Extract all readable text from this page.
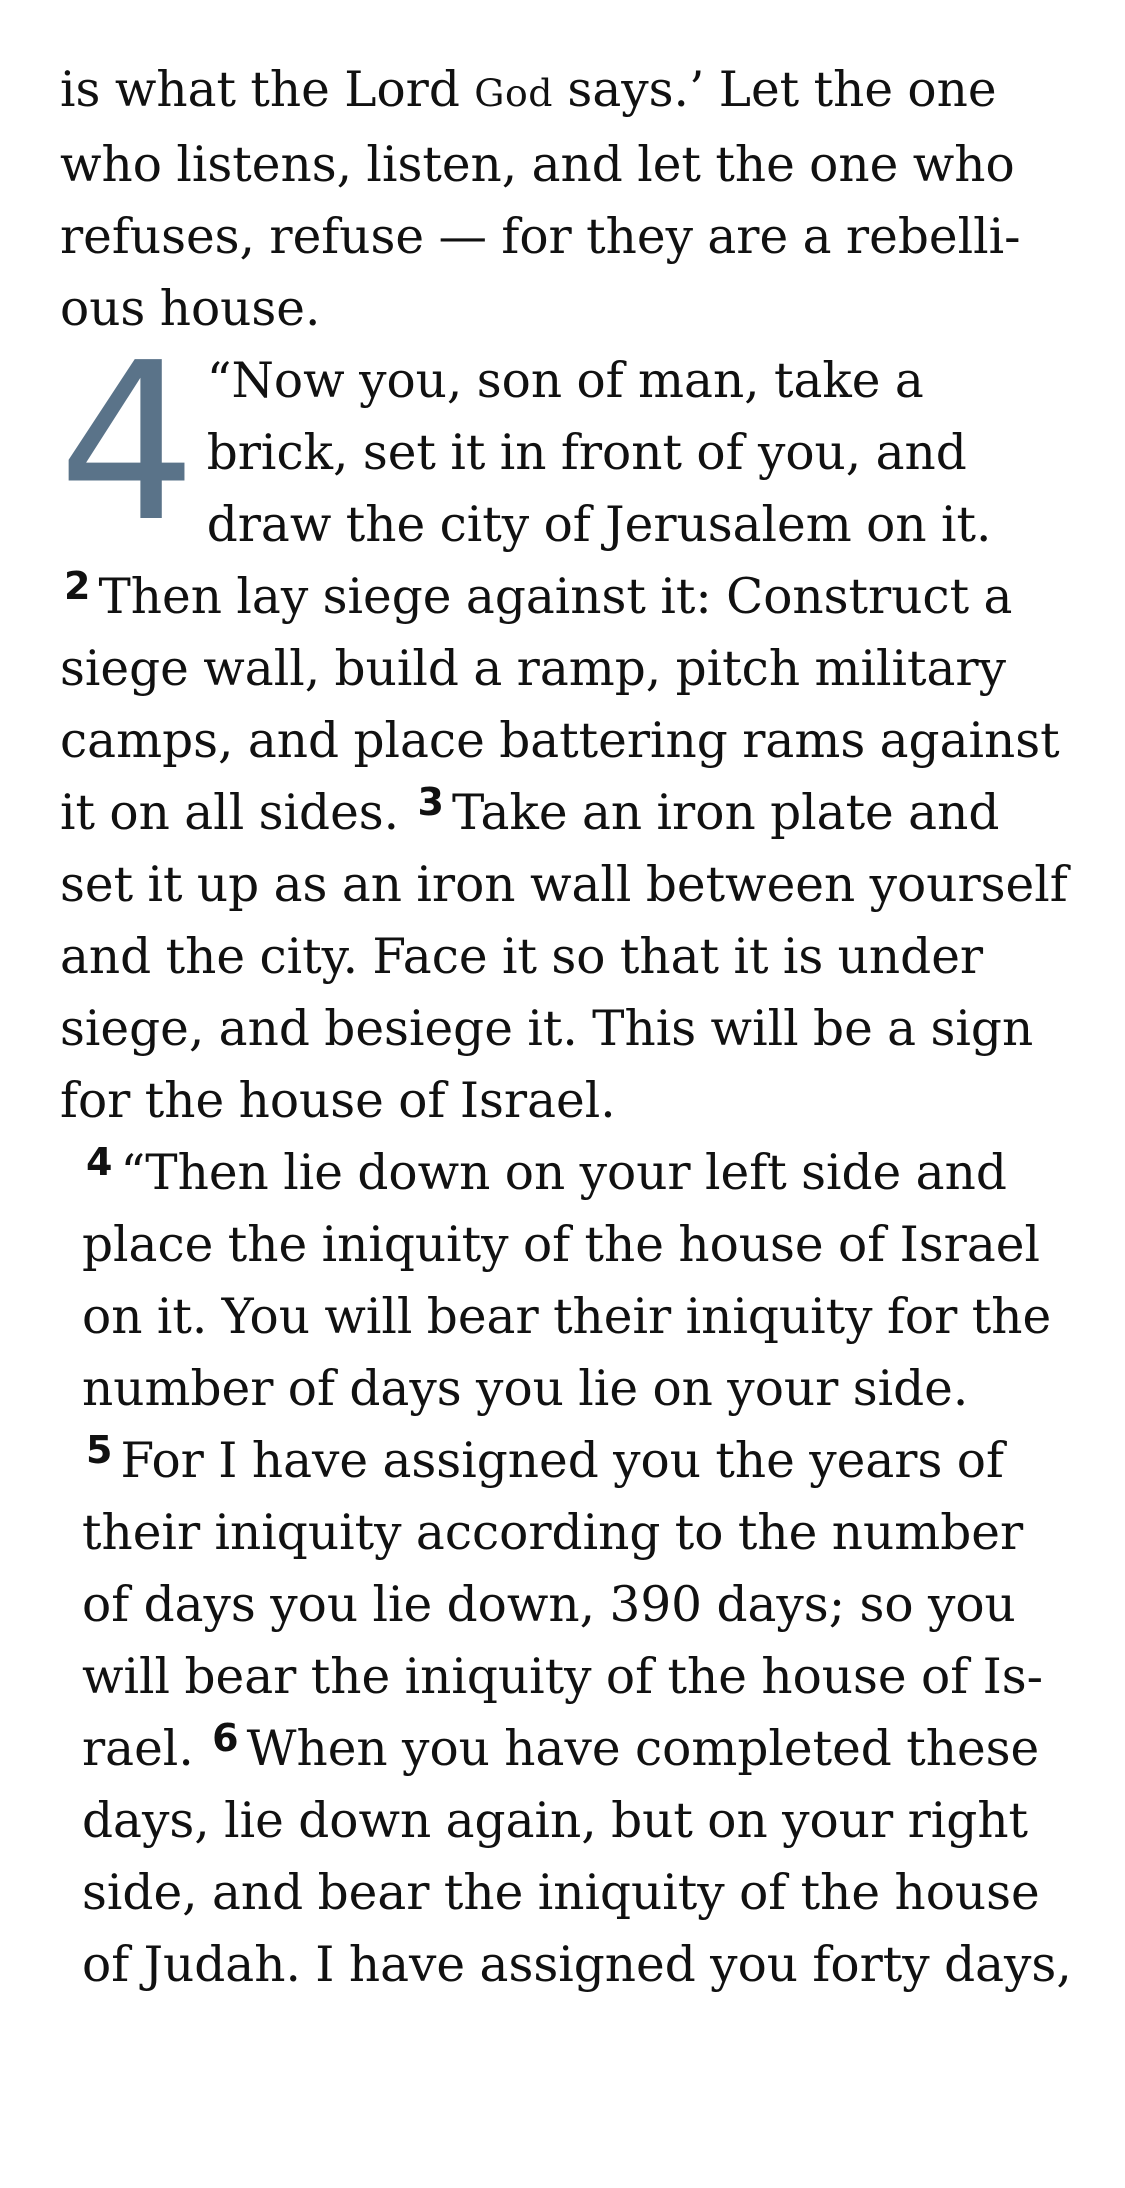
is what the Lord God says.’ Let the one who listens, listen, and let the one who refuses, refuse — for they are a rebellious house.

4 “Now you, son of man, take a brick, set it in front of you, and draw the city of Jerusalem on it. $^2$ Then lay siege against it: Construct a siege wall, build a ramp, pitch military camps, and place battering rams against it on all sides. $^3$ Take an iron plate and set it up as an iron wall between yourself and the city. Face it so that it is under siege, and besiege it. This will be a sign for the house of Israel.

$^4$ “Then lie down on your left side and place the iniquity of the house of Israel on it. You will bear their iniquity for the number of days you lie on your side. $^5$ For I have assigned you the years of their iniquity according to the number of days you lie down, 390 days; so you will bear the iniquity of the house of Israel. $^6$ When you have completed these days, lie down again, but on your right side, and bear the iniquity of the house of Judah. I have assigned you forty days,
